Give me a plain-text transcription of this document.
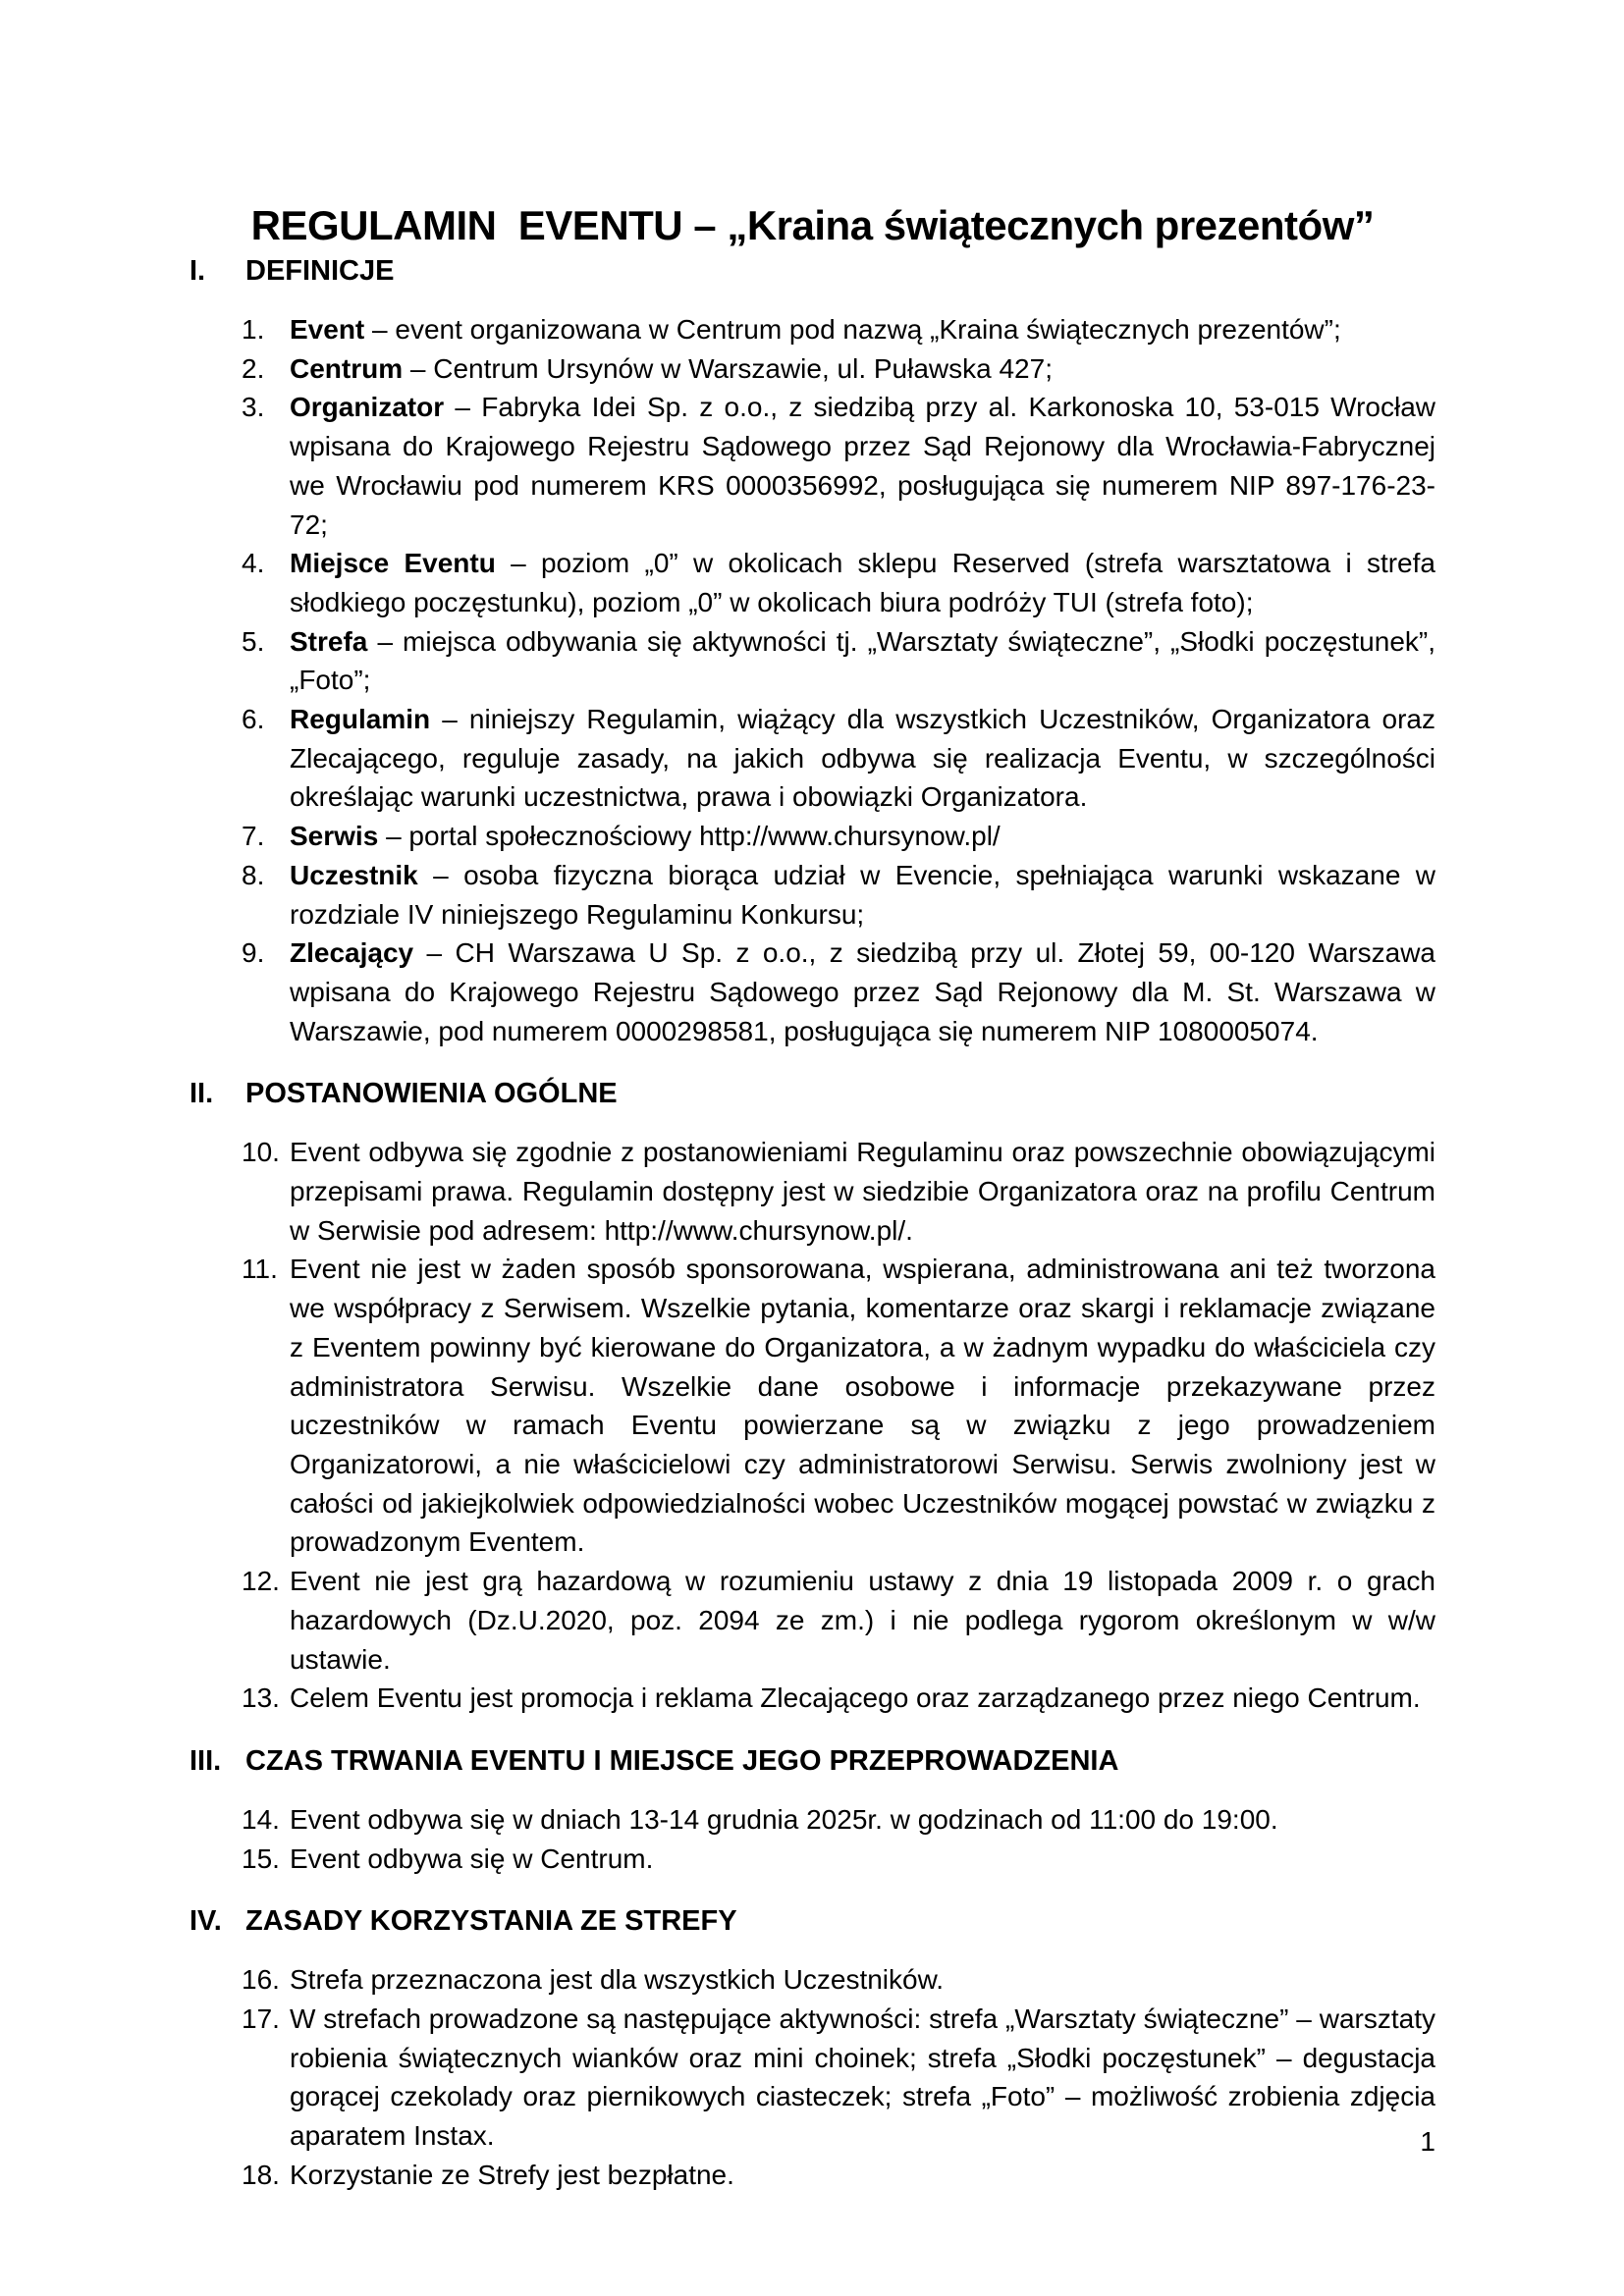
REGULAMIN  EVENTU – „Kraina świątecznych prezentów”
I.	DEFINICJE
1. Event – event organizowana w Centrum pod nazwą „Kraina świątecznych prezentów”;
2. Centrum – Centrum Ursynów w Warszawie, ul. Puławska 427;
3. Organizator – Fabryka Idei Sp. z o.o., z siedzibą przy al. Karkonoska 10, 53-015 Wrocław wpisana do Krajowego Rejestru Sądowego przez Sąd Rejonowy dla Wrocławia-Fabrycznej we Wrocławiu pod numerem KRS 0000356992, posługująca się numerem NIP 897-176-23-72;
4. Miejsce Eventu – poziom „0” w okolicach sklepu Reserved (strefa warsztatowa i strefa słodkiego poczęstunku), poziom „0” w okolicach biura podróży TUI (strefa foto);
5. Strefa – miejsca odbywania się aktywności tj. „Warsztaty świąteczne”, „Słodki poczęstunek”, „Foto”;
6. Regulamin – niniejszy Regulamin, wiążący dla wszystkich Uczestników, Organizatora oraz Zlecającego, reguluje zasady, na jakich odbywa się realizacja Eventu, w szczególności określając warunki uczestnictwa, prawa i obowiązki Organizatora.
7. Serwis – portal społecznościowy http://www.chursynow.pl/
8. Uczestnik – osoba fizyczna biorąca udział w Evencie, spełniająca warunki wskazane w rozdziale IV niniejszego Regulaminu Konkursu;
9. Zlecający – CH Warszawa U Sp. z o.o., z siedzibą przy ul. Złotej 59, 00-120 Warszawa wpisana do Krajowego Rejestru Sądowego przez Sąd Rejonowy dla M. St. Warszawa w Warszawie, pod numerem 0000298581, posługująca się numerem NIP 1080005074.
II.	POSTANOWIENIA OGÓLNE
10. Event odbywa się zgodnie z postanowieniami Regulaminu oraz powszechnie obowiązującymi przepisami prawa. Regulamin dostępny jest w siedzibie Organizatora oraz na profilu Centrum w Serwisie pod adresem: http://www.chursynow.pl/.
11. Event nie jest w żaden sposób sponsorowana, wspierana, administrowana ani też tworzona we współpracy z Serwisem. Wszelkie pytania, komentarze oraz skargi i reklamacje związane z Eventem powinny być kierowane do Organizatora, a w żadnym wypadku do właściciela czy administratora Serwisu. Wszelkie dane osobowe i informacje przekazywane przez uczestników w ramach Eventu powierzane są w związku z jego prowadzeniem Organizatorowi, a nie właścicielowi czy administratorowi Serwisu. Serwis zwolniony jest w całości od jakiejkolwiek odpowiedzialności wobec Uczestników mogącej powstać w związku z prowadzonym Eventem.
12. Event nie jest grą hazardową w rozumieniu ustawy z dnia 19 listopada 2009 r. o grach hazardowych (Dz.U.2020, poz. 2094 ze zm.) i nie podlega rygorom określonym w w/w ustawie.
13. Celem Eventu jest promocja i reklama Zlecającego oraz zarządzanego przez niego Centrum.
III. CZAS TRWANIA EVENTU I MIEJSCE JEGO PRZEPROWADZENIA
14. Event odbywa się w dniach 13-14 grudnia 2025r. w godzinach od 11:00 do 19:00.
15. Event odbywa się w Centrum.
IV. ZASADY KORZYSTANIA ZE STREFY
16. Strefa przeznaczona jest dla wszystkich Uczestników.
17. W strefach prowadzone są następujące aktywności: strefa „Warsztaty świąteczne” – warsztaty robienia świątecznych wianków oraz mini choinek; strefa „Słodki poczęstunek” – degustacja gorącej czekolady oraz piernikowych ciasteczek; strefa „Foto” – możliwość zrobienia zdjęcia aparatem Instax.
18. Korzystanie ze Strefy jest bezpłatne.
1
